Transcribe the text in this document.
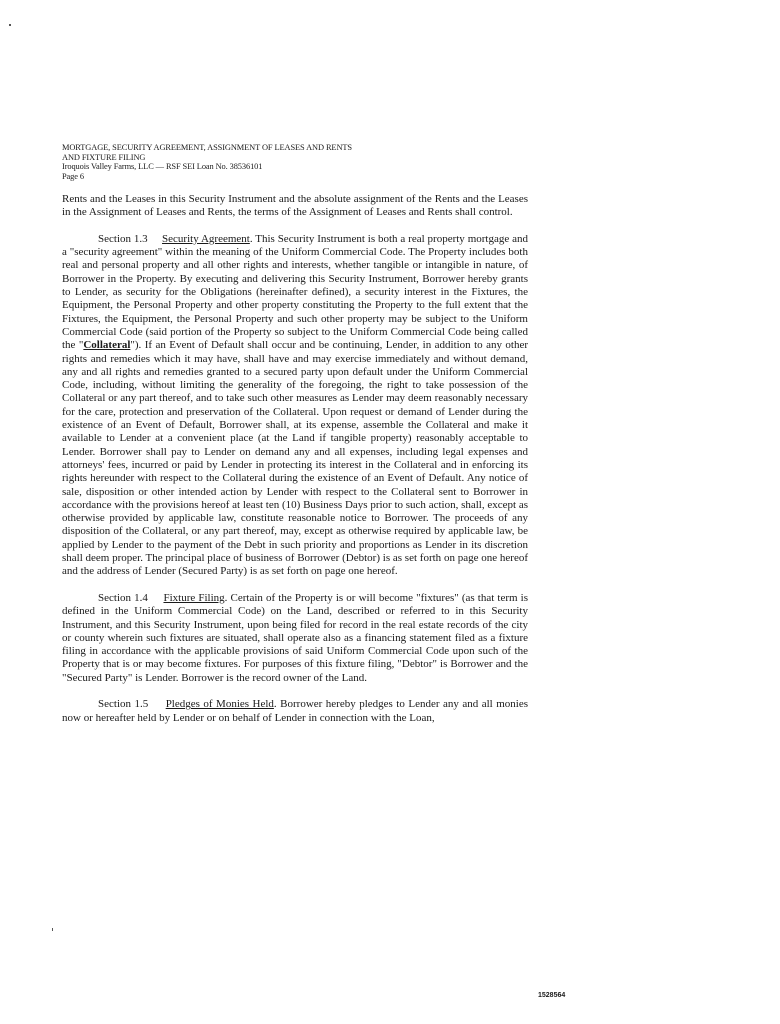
MORTGAGE, SECURITY AGREEMENT, ASSIGNMENT OF LEASES AND RENTS
AND FIXTURE FILING
Iroquois Valley Farms, LLC — RSF SEI Loan No. 38536101
Page 6

Rents and the Leases in this Security Instrument and the absolute assignment of the Rents and the Leases in the Assignment of Leases and Rents, the terms of the Assignment of Leases and Rents shall control.

Section 1.3 Security Agreement. This Security Instrument is both a real property mortgage and a "security agreement" within the meaning of the Uniform Commercial Code. The Property includes both real and personal property and all other rights and interests, whether tangible or intangible in nature, of Borrower in the Property. By executing and delivering this Security Instrument, Borrower hereby grants to Lender, as security for the Obligations (hereinafter defined), a security interest in the Fixtures, the Equipment, the Personal Property and other property constituting the Property to the full extent that the Fixtures, the Equipment, the Personal Property and such other property may be subject to the Uniform Commercial Code (said portion of the Property so subject to the Uniform Commercial Code being called the "Collateral"). If an Event of Default shall occur and be continuing, Lender, in addition to any other rights and remedies which it may have, shall have and may exercise immediately and without demand, any and all rights and remedies granted to a secured party upon default under the Uniform Commercial Code, including, without limiting the generality of the foregoing, the right to take possession of the Collateral or any part thereof, and to take such other measures as Lender may deem reasonably necessary for the care, protection and preservation of the Collateral. Upon request or demand of Lender during the existence of an Event of Default, Borrower shall, at its expense, assemble the Collateral and make it available to Lender at a convenient place (at the Land if tangible property) reasonably acceptable to Lender. Borrower shall pay to Lender on demand any and all expenses, including legal expenses and attorneys' fees, incurred or paid by Lender in protecting its interest in the Collateral and in enforcing its rights hereunder with respect to the Collateral during the existence of an Event of Default. Any notice of sale, disposition or other intended action by Lender with respect to the Collateral sent to Borrower in accordance with the provisions hereof at least ten (10) Business Days prior to such action, shall, except as otherwise provided by applicable law, constitute reasonable notice to Borrower. The proceeds of any disposition of the Collateral, or any part thereof, may, except as otherwise required by applicable law, be applied by Lender to the payment of the Debt in such priority and proportions as Lender in its discretion shall deem proper. The principal place of business of Borrower (Debtor) is as set forth on page one hereof and the address of Lender (Secured Party) is as set forth on page one hereof.

Section 1.4 Fixture Filing. Certain of the Property is or will become "fixtures" (as that term is defined in the Uniform Commercial Code) on the Land, described or referred to in this Security Instrument, and this Security Instrument, upon being filed for record in the real estate records of the city or county wherein such fixtures are situated, shall operate also as a financing statement filed as a fixture filing in accordance with the applicable provisions of said Uniform Commercial Code upon such of the Property that is or may become fixtures. For purposes of this fixture filing, "Debtor" is Borrower and the "Secured Party" is Lender. Borrower is the record owner of the Land.

Section 1.5 Pledges of Monies Held. Borrower hereby pledges to Lender any and all monies now or hereafter held by Lender or on behalf of Lender in connection with the Loan,

1528564
